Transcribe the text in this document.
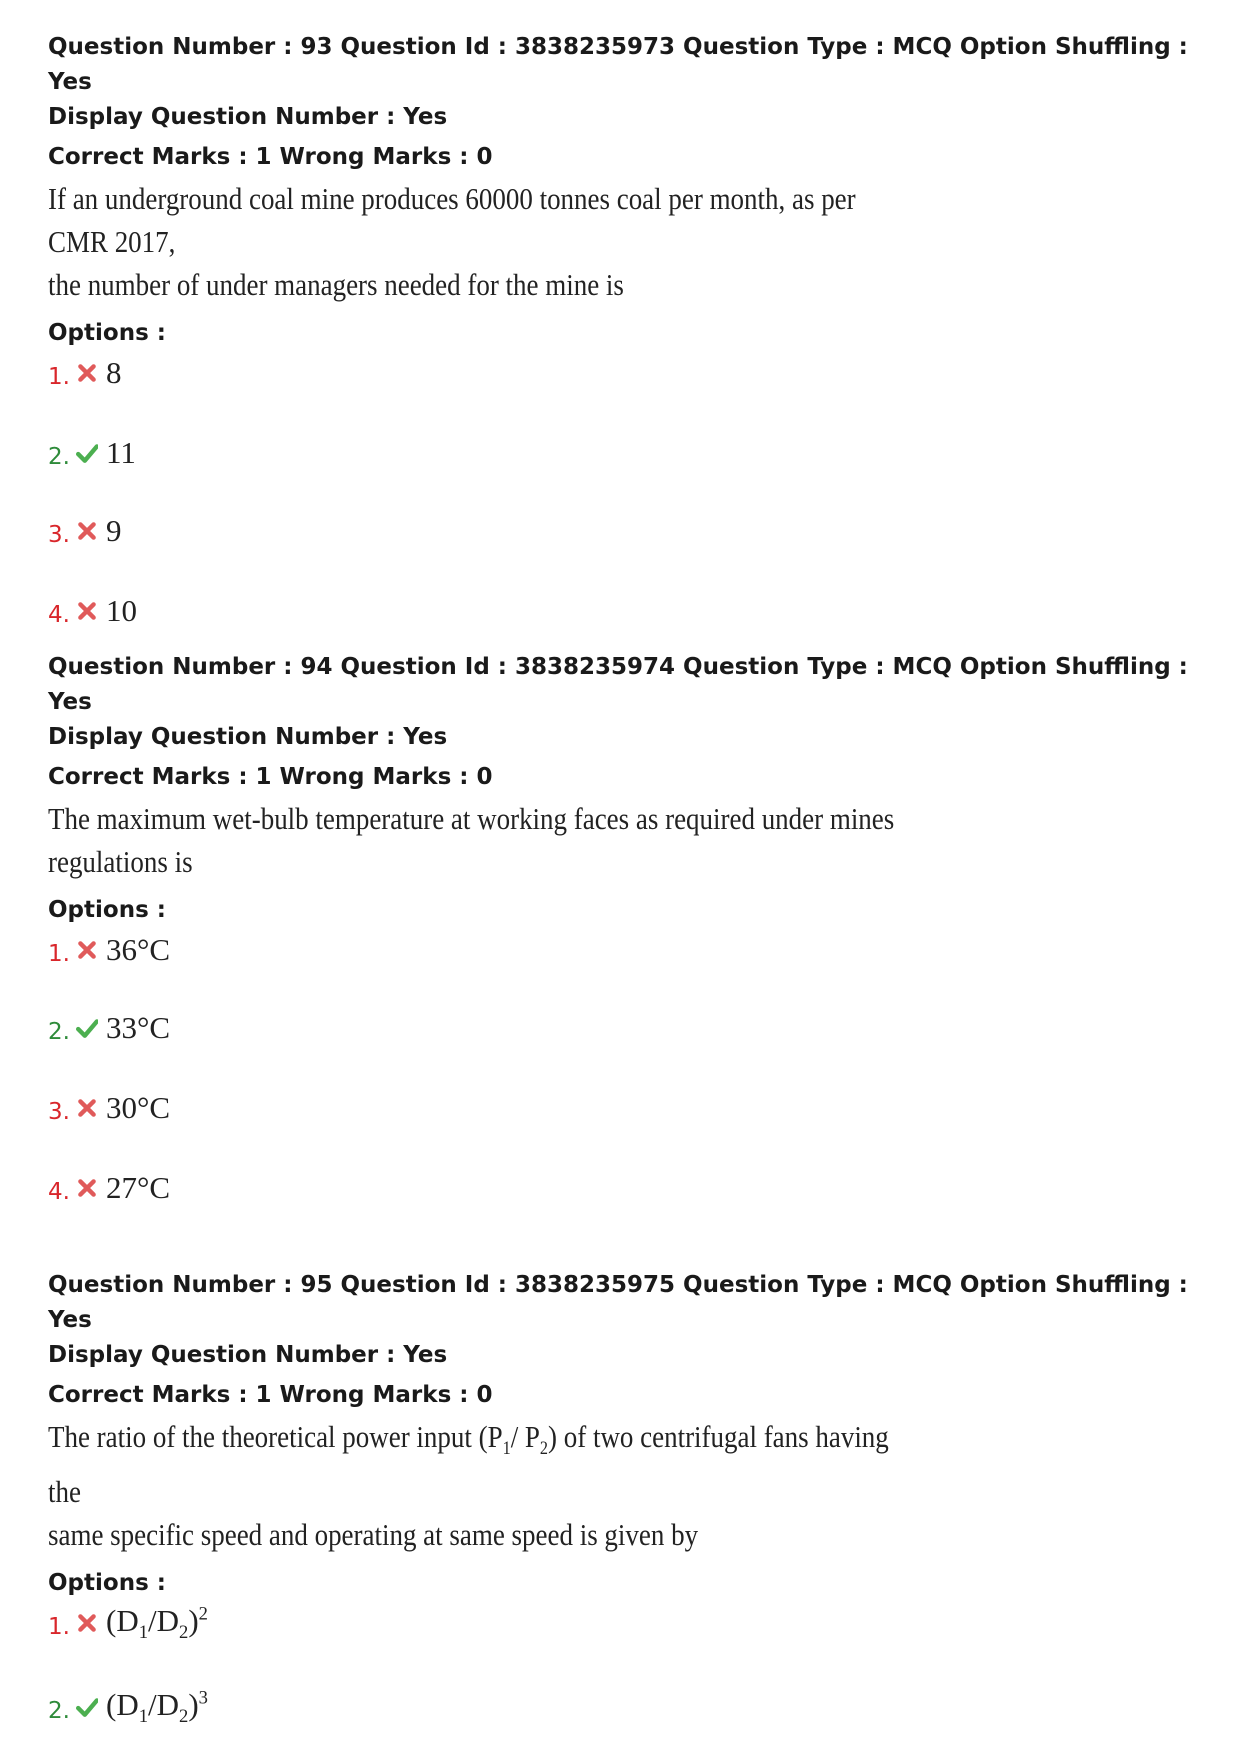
Question Number : 93 Question Id : 3838235973 Question Type : MCQ Option Shuffling : Yes
Display Question Number : Yes
Correct Marks : 1 Wrong Marks : 0
If an underground coal mine produces 60000 tonnes coal per month, as per CMR 2017,
the number of under managers needed for the mine is
Options :
1. 8
2. 11
3. 9
4. 10
Question Number : 94 Question Id : 3838235974 Question Type : MCQ Option Shuffling : Yes
Display Question Number : Yes
Correct Marks : 1 Wrong Marks : 0
The maximum wet-bulb temperature at working faces as required under mines
regulations is
Options :
1. 36°C
2. 33°C
3. 30°C
4. 27°C
Question Number : 95 Question Id : 3838235975 Question Type : MCQ Option Shuffling : Yes
Display Question Number : Yes
Correct Marks : 1 Wrong Marks : 0
The ratio of the theoretical power input ($P_1/$ $P_2$) of two centrifugal fans having the
same specific speed and operating at same speed is given by
Options :
1. $(D_1/D_2)^2$
2. $(D_1/D_2)^3$
